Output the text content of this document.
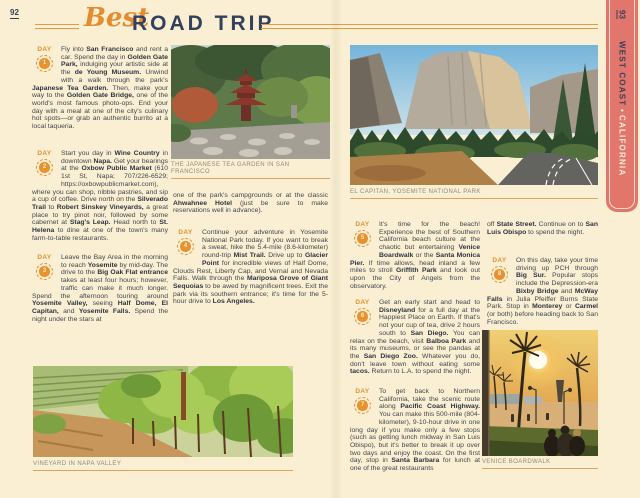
92	Best
ROAD TRIP
DAY
1
Fly into San Francisco and rent a car. Spend the day in Golden Gate Park, indulging your artistic side at the de Young Museum. Unwind with a walk through the park's Japanese Tea Garden. Then, make your way to the Golden Gate Bridge, one of the world's most famous photo-ops. End your day with a meal at one of the city's culinary hot spots—or grab an authentic burrito at a local taqueria.
DAY
2
Start you day in Wine Country in downtown Napa. Get your bearings at the Oxbow Public Market (610 1st St, Napa; 707/226-6529; https://oxbowpublicmarket.com), where you can shop, nibble pastries, and sip a cup of coffee. Drive north on the Silverado Trail to Robert Sinskey Vineyards, a great place to try pinot noir, followed by some cabernet at Stag's Leap. Head north to St. Helena to dine at one of the town's many farm-to-table restaurants.
DAY
3
Leave the Bay Area in the morning to reach Yosemite by mid-day. The drive to the Big Oak Flat entrance takes at least four hours; however, traffic can make it much longer. Spend the afternoon touring around Yosemite Valley, seeing Half Dome, El Capitan, and Yosemite Falls. Spend the night under the stars at
THE JAPANESE TEA GARDEN IN SAN FRANCISCO
one of the park's campgrounds or at the classic Ahwahnee Hotel (just be sure to make reservations well in advance).
DAY
4
Continue your adventure in Yosemite National Park today. If you want to break a sweat, hike the 5.4-mile (8.6-kilometer) round-trip Mist Trail. Drive up to Glacier Point for incredible views of Half Dome, Clouds Rest, Liberty Cap, and Vernal and Nevada Falls. Walk through the Mariposa Grove of Giant Sequoias to be awed by magnificent trees. Exit the park via its southern entrance; it's time for the 5-hour drive to Los Angeles.
VINEYARD IN NAPA VALLEY
EL CAPITAN, YOSEMITE NATIONAL PARK
DAY
5
It's time for the beach! Experience the best of Southern California beach culture at the chaotic but entertaining Venice Boardwalk or the Santa Monica Pier. If time allows, head inland a few miles to stroll Griffith Park and look out upon the City of Angels from the observatory.
DAY
6
Get an early start and head to Disneyland for a full day at the Happiest Place on Earth. If that's not your cup of tea, drive 2 hours south to San Diego. You can relax on the beach, visit Balboa Park and its many museums, or see the pandas at the San Diego Zoo. Whatever you do, don't leave town without eating some tacos. Return to L.A. to spend the night.
DAY
7
To get back to Northern California, take the scenic route along Pacific Coast Highway. You can make this 500-mile (804-kilometer), 9-10-hour drive in one long day if you make only a few stops (such as getting lunch midway in San Luis Obispo), but it's better to break it up over two days and enjoy the coast. On the first day, stop in Santa Barbara for lunch at one of the great restaurants
off State Street. Continue on to San Luis Obispo to spend the night.
DAY
8
On this day, take your time driving up PCH through Big Sur. Popular stops include the Depression-era Bixby Bridge and McWay Falls in Julia Pfeiffer Burns State Park. Stop in Monterey or Carmel (or both) before heading back to San Francisco.
VENICE BOARDWALK
93
WEST COAST
•
CALIFORNIA
